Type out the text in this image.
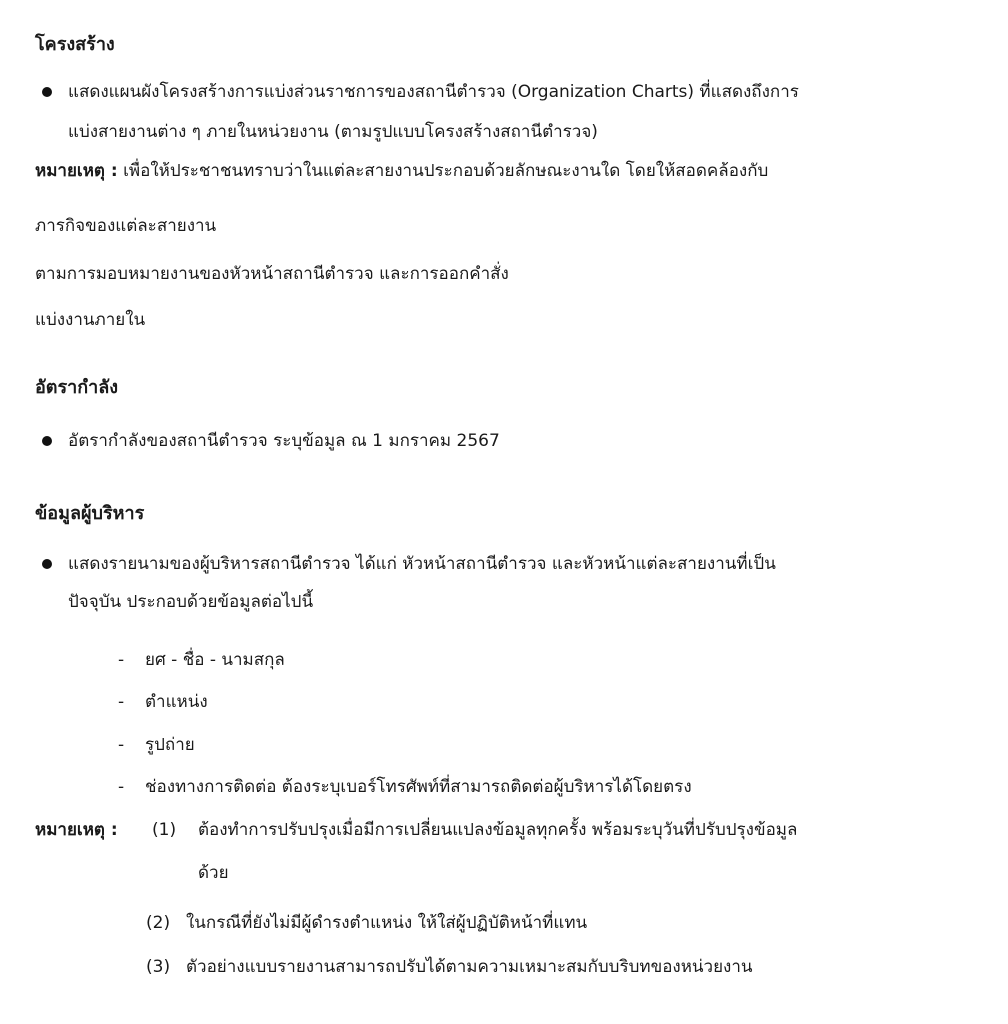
โครงสร้าง
แสดงแผนผังโครงสร้างการแบ่งส่วนราชการของสถานีตำรวจ (Organization Charts) ที่แสดงถึงการ
แบ่งสายงานต่าง ๆ ภายในหน่วยงาน (ตามรูปแบบโครงสร้างสถานีตำรวจ)
หมายเหตุ : เพื่อให้ประชาชนทราบว่าในแต่ละสายงานประกอบด้วยลักษณะงานใด โดยให้สอดคล้องกับ
ภารกิจของแต่ละสายงาน
ตามการมอบหมายงานของหัวหน้าสถานีตำรวจ และการออกคำสั่ง
แบ่งงานภายใน
อัตรากำลัง
อัตรากำลังของสถานีตำรวจ ระบุข้อมูล ณ 1 มกราคม 2567
ข้อมูลผู้บริหาร
แสดงรายนามของผู้บริหารสถานีตำรวจ ได้แก่ หัวหน้าสถานีตำรวจ และหัวหน้าแต่ละสายงานที่เป็น
ปัจจุบัน ประกอบด้วยข้อมูลต่อไปนี้
- ยศ - ชื่อ - นามสกุล
- ตำแหน่ง
- รูปถ่าย
- ช่องทางการติดต่อ ต้องระบุเบอร์โทรศัพท์ที่สามารถติดต่อผู้บริหารได้โดยตรง
หมายเหตุ : (1) ต้องทำการปรับปรุงเมื่อมีการเปลี่ยนแปลงข้อมูลทุกครั้ง พร้อมระบุวันที่ปรับปรุงข้อมูล
ด้วย
(2) ในกรณีที่ยังไม่มีผู้ดำรงตำแหน่ง ให้ใส่ผู้ปฏิบัติหน้าที่แทน
(3) ตัวอย่างแบบรายงานสามารถปรับได้ตามความเหมาะสมกับบริบทของหน่วยงาน
